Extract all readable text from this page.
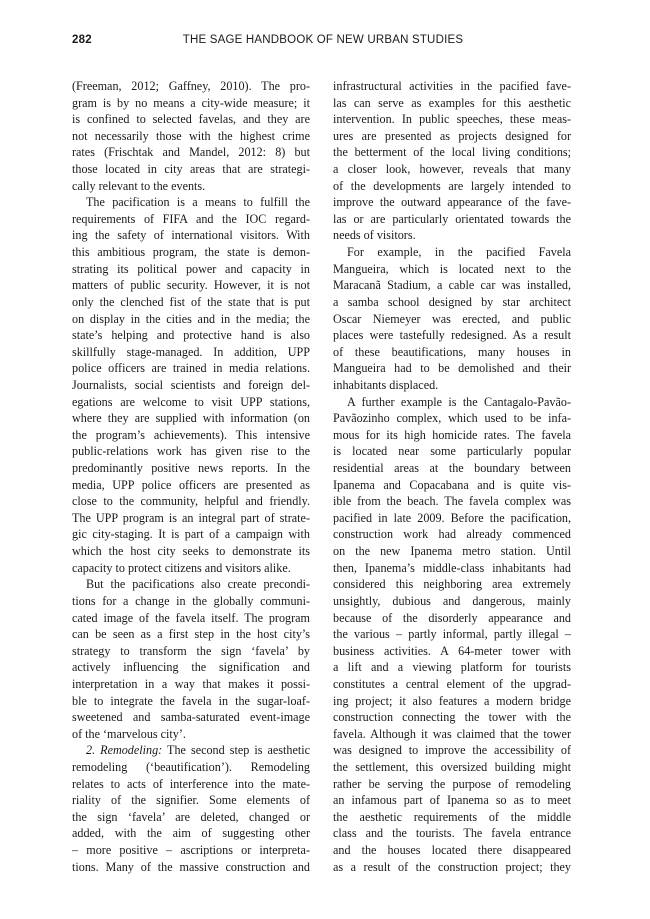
282	THE SAGE HANDBOOK OF NEW URBAN STUDIES
(Freeman, 2012; Gaffney, 2010). The pro-
gram is by no means a city-wide measure; it
is confined to selected favelas, and they are
not necessarily those with the highest crime
rates (Frischtak and Mandel, 2012: 8) but
those located in city areas that are strategi-
cally relevant to the events.
The pacification is a means to fulfill the
requirements of FIFA and the IOC regard-
ing the safety of international visitors. With
this ambitious program, the state is demon-
strating its political power and capacity in
matters of public security. However, it is not
only the clenched fist of the state that is put
on display in the cities and in the media; the
state’s helping and protective hand is also
skillfully stage-managed. In addition, UPP
police officers are trained in media relations.
Journalists, social scientists and foreign del-
egations are welcome to visit UPP stations,
where they are supplied with information (on
the program’s achievements). This intensive
public-relations work has given rise to the
predominantly positive news reports. In the
media, UPP police officers are presented as
close to the community, helpful and friendly.
The UPP program is an integral part of strate-
gic city-staging. It is part of a campaign with
which the host city seeks to demonstrate its
capacity to protect citizens and visitors alike.
But the pacifications also create precondi-
tions for a change in the globally communi-
cated image of the favela itself. The program
can be seen as a first step in the host city’s
strategy to transform the sign ‘favela’ by
actively influencing the signification and
interpretation in a way that makes it possi-
ble to integrate the favela in the sugar-loaf-
sweetened and samba-saturated event-image
of the ‘marvelous city’.
2. Remodeling: The second step is aesthetic
remodeling (‘beautification’). Remodeling
relates to acts of interference into the mate-
riality of the signifier. Some elements of
the sign ‘favela’ are deleted, changed or
added, with the aim of suggesting other
– more positive – ascriptions or interpreta-
tions. Many of the massive construction and
infrastructural activities in the pacified fave-
las can serve as examples for this aesthetic
intervention. In public speeches, these meas-
ures are presented as projects designed for
the betterment of the local living conditions;
a closer look, however, reveals that many
of the developments are largely intended to
improve the outward appearance of the fave-
las or are particularly orientated towards the
needs of visitors.
For example, in the pacified Favela
Mangueira, which is located next to the
Maracanã Stadium, a cable car was installed,
a samba school designed by star architect
Oscar Niemeyer was erected, and public
places were tastefully redesigned. As a result
of these beautifications, many houses in
Mangueira had to be demolished and their
inhabitants displaced.
A further example is the Cantagalo-Pavão-
Pavãozinho complex, which used to be infa-
mous for its high homicide rates. The favela
is located near some particularly popular
residential areas at the boundary between
Ipanema and Copacabana and is quite vis-
ible from the beach. The favela complex was
pacified in late 2009. Before the pacification,
construction work had already commenced
on the new Ipanema metro station. Until
then, Ipanema’s middle-class inhabitants had
considered this neighboring area extremely
unsightly, dubious and dangerous, mainly
because of the disorderly appearance and
the various – partly informal, partly illegal –
business activities. A 64-meter tower with
a lift and a viewing platform for tourists
constitutes a central element of the upgrad-
ing project; it also features a modern bridge
construction connecting the tower with the
favela. Although it was claimed that the tower
was designed to improve the accessibility of
the settlement, this oversized building might
rather be serving the purpose of remodeling
an infamous part of Ipanema so as to meet
the aesthetic requirements of the middle
class and the tourists. The favela entrance
and the houses located there disappeared
as a result of the construction project; they
